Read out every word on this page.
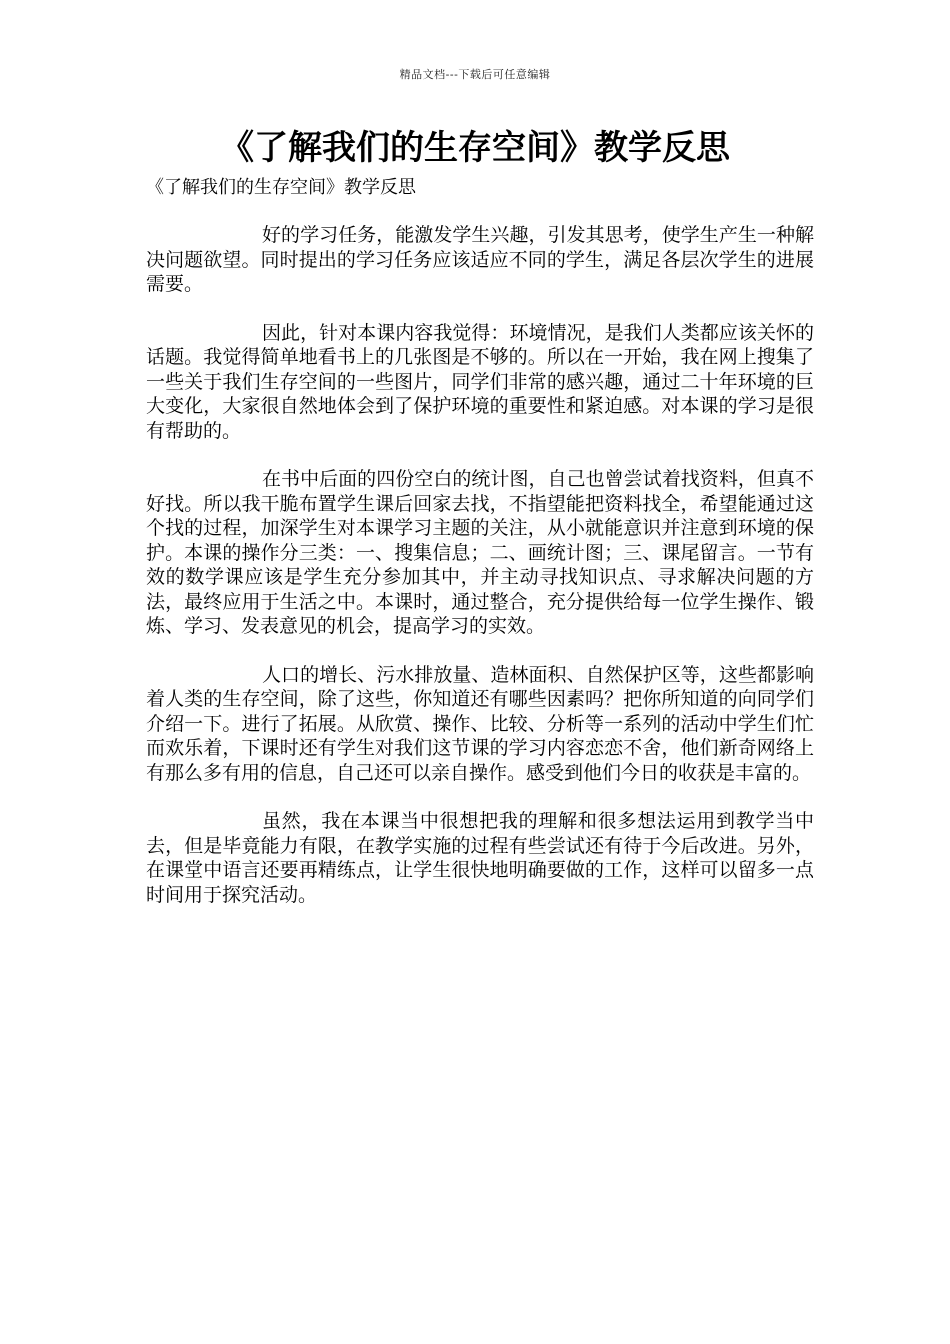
精品文档---下载后可任意编辑
《了解我们的生存空间》教学反思

《了解我们的生存空间》教学反思

好的学习任务，能激发学生兴趣，引发其思考，使学生产生一种解决问题欲望。同时提出的学习任务应该适应不同的学生，满足各层次学生的进展需要。

因此，针对本课内容我觉得：环境情况，是我们人类都应该关怀的话题。我觉得简单地看书上的几张图是不够的。所以在一开始，我在网上搜集了一些关于我们生存空间的一些图片，同学们非常的感兴趣，通过二十年环境的巨大变化，大家很自然地体会到了保护环境的重要性和紧迫感。对本课的学习是很有帮助的。

在书中后面的四份空白的统计图，自己也曾尝试着找资料，但真不好找。所以我干脆布置学生课后回家去找，不指望能把资料找全，希望能通过这个找的过程，加深学生对本课学习主题的关注，从小就能意识并注意到环境的保护。本课的操作分三类：一、搜集信息；二、画统计图；三、课尾留言。一节有效的数学课应该是学生充分参加其中，并主动寻找知识点、寻求解决问题的方法，最终应用于生活之中。本课时，通过整合，充分提供给每一位学生操作、锻炼、学习、发表意见的机会，提高学习的实效。

人口的增长、污水排放量、造林面积、自然保护区等，这些都影响着人类的生存空间，除了这些，你知道还有哪些因素吗？把你所知道的向同学们介绍一下。进行了拓展。从欣赏、操作、比较、分析等一系列的活动中学生们忙而欢乐着，下课时还有学生对我们这节课的学习内容恋恋不舍，他们新奇网络上有那么多有用的信息，自己还可以亲自操作。感受到他们今日的收获是丰富的。

虽然，我在本课当中很想把我的理解和很多想法运用到教学当中去，但是毕竟能力有限，在教学实施的过程有些尝试还有待于今后改进。另外，在课堂中语言还要再精练点，让学生很快地明确要做的工作，这样可以留多一点时间用于探究活动。
